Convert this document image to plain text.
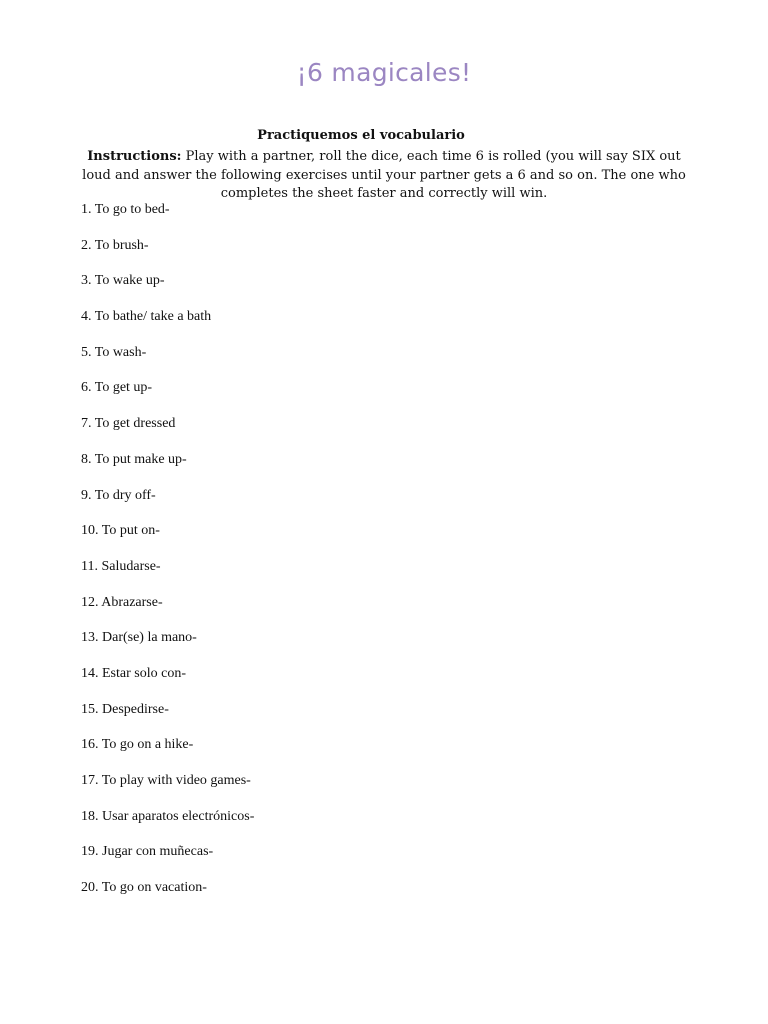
¡6 magicales!
Practiquemos el vocabulario
Instructions: Play with a partner, roll the dice, each time 6 is rolled (you will say SIX out loud and answer the following exercises until your partner gets a 6 and so on. The one who completes the sheet faster and correctly will win.
1. To go to bed-
2. To brush-
3. To wake up-
4. To bathe/ take a bath
5. To wash-
6. To get up-
7. To get dressed
8. To put make up-
9. To dry off-
10. To put on-
11. Saludarse-
12. Abrazarse-
13. Dar(se) la mano-
14. Estar solo con-
15. Despedirse-
16. To go on a hike-
17. To play with video games-
18. Usar aparatos electrónicos-
19. Jugar con muñecas-
20. To go on vacation-
